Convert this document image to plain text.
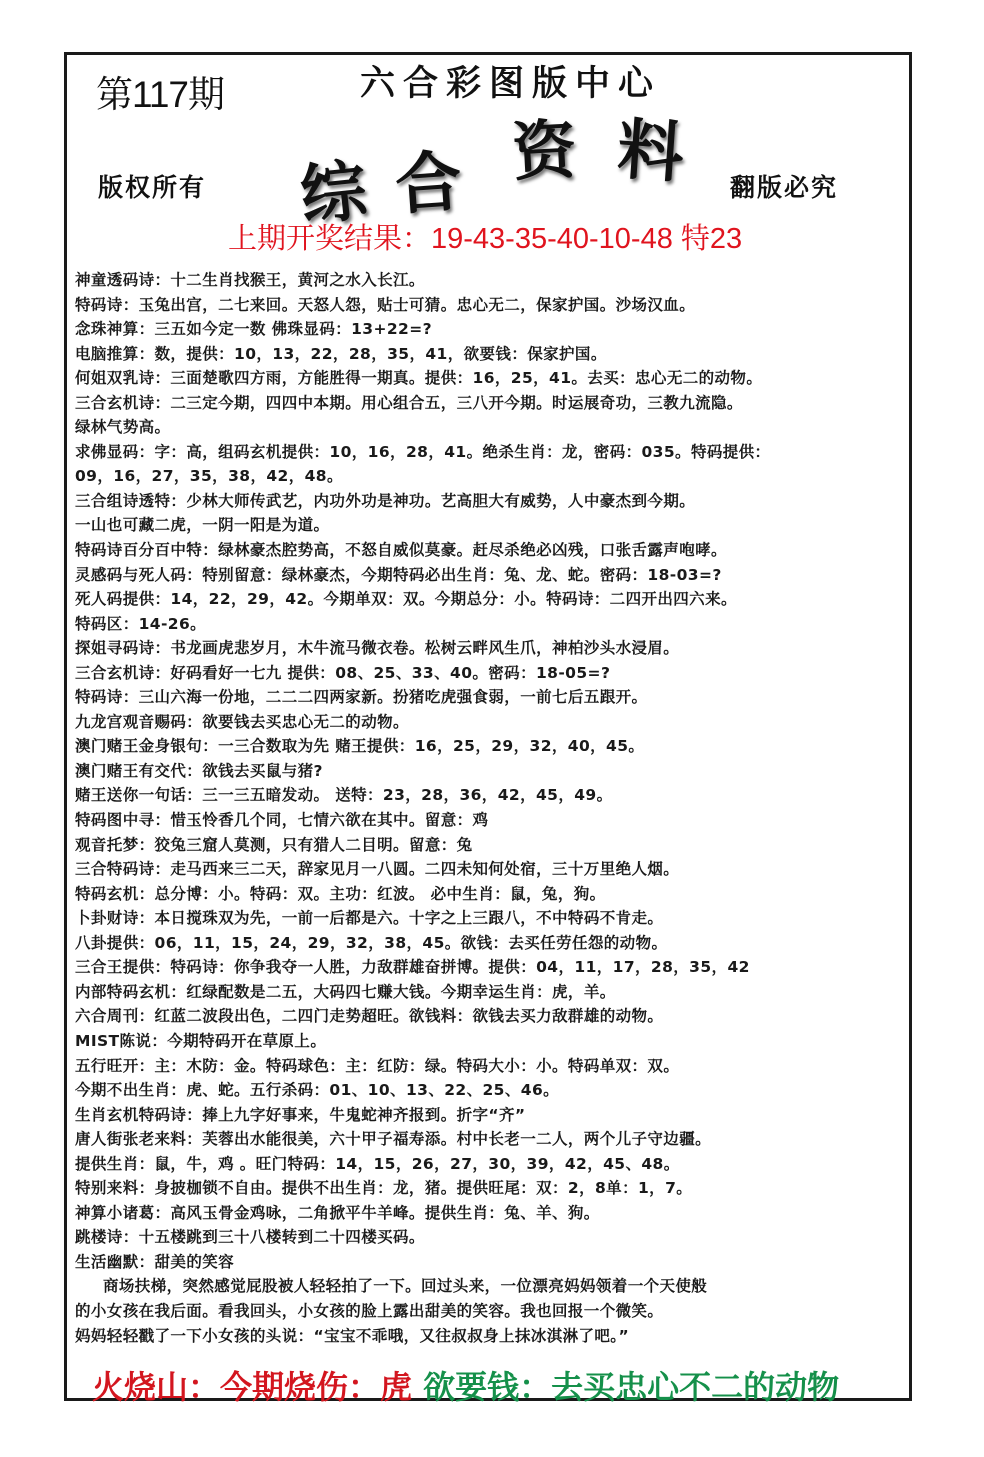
第117期	六合彩图版中心
综 合 资 料
版权所有	翻版必究
上期开奖结果：19-43-35-40-10-48 特23
神童透码诗：十二生肖找猴王，黄河之水入长江。
特码诗：玉兔出宫，二七来回。天怒人怨，贴士可猜。忠心无二，保家护国。沙场汉血。
念珠神算：三五如今定一数 佛珠显码：13+22=?
电脑推算：数，提供：10，13，22，28，35，41，欲要钱：保家护国。
何姐双乳诗：三面楚歌四方雨，方能胜得一期真。提供：16，25，41。去买：忠心无二的动物。
三合玄机诗：二三定今期，四四中本期。用心组合五，三八开今期。时运展奇功，三教九流隐。
绿林气势高。
求佛显码：字：高，组码玄机提供：10，16，28，41。绝杀生肖：龙，密码：035。特码提供：
09，16，27，35，38，42，48。
三合组诗透特：少林大师传武艺，内功外功是神功。艺高胆大有威势，人中豪杰到今期。
一山也可藏二虎，一阴一阳是为道。
特码诗百分百中特：绿林豪杰腔势高，不怒自威似莫豪。赶尽杀绝必凶残，口张舌露声咆哮。
灵感码与死人码：特别留意：绿林豪杰，今期特码必出生肖：兔、龙、蛇。密码：18-03=?
死人码提供：14，22，29，42。今期单双：双。今期总分：小。特码诗：二四开出四六来。
特码区：14-26。
探姐寻码诗：书龙画虎悲岁月，木牛流马微衣卷。松树云畔风生爪，神柏沙头水浸眉。
三合玄机诗：好码看好一七九 提供：08、25、33、40。密码：18-05=?
特码诗：三山六海一份地，二二二四两家新。扮猪吃虎强食弱，一前七后五跟开。
九龙宫观音赐码：欲要钱去买忠心无二的动物。
澳门赌王金身银句：一三合数取为先 赌王提供：16，25，29，32，40，45。
澳门赌王有交代：欲钱去买鼠与猪?
赌王送你一句话：三一三五暗发动。 送特：23，28，36，42，45，49。
特码图中寻：惜玉怜香几个同，七情六欲在其中。留意：鸡
观音托梦：狡兔三窟人莫测，只有猎人二目明。留意：兔
三合特码诗：走马西来三二天，辞家见月一八圆。二四未知何处宿，三十万里绝人烟。
特码玄机：总分博：小。特码：双。主功：红波。 必中生肖：鼠，兔，狗。
卜卦财诗：本日搅珠双为先，一前一后都是六。十字之上三跟八，不中特码不肯走。
八卦提供：06，11，15，24，29，32，38，45。欲钱：去买任劳任怨的动物。
三合王提供：特码诗：你争我夺一人胜，力敌群雄奋拼博。提供：04，11，17，28，35，42
内部特码玄机：红绿配数是二五，大码四七赚大钱。今期幸运生肖：虎，羊。
六合周刊：红蓝二波段出色，二四门走势超旺。欲钱料：欲钱去买力敌群雄的动物。
MIST陈说：今期特码开在草原上。
五行旺开：主：木防：金。特码球色：主：红防：绿。特码大小：小。特码单双：双。
今期不出生肖：虎、蛇。五行杀码：01、10、13、22、25、46。
生肖玄机特码诗：捧上九字好事来，牛鬼蛇神齐报到。折字“齐”
唐人街张老来料：芙蓉出水能很美，六十甲子福寿添。村中长老一二人，两个儿子守边疆。
提供生肖：鼠，牛，鸡 。旺门特码：14，15，26，27，30，39，42，45、48。
特别来料：身披枷锁不自由。提供不出生肖：龙，猪。提供旺尾：双：2，8单：1，7。
神算小诸葛：高风玉骨金鸡咏，二角掀平牛羊峰。提供生肖：兔、羊、狗。
跳楼诗：十五楼跳到三十八楼转到二十四楼买码。
生活幽默：甜美的笑容
商场扶梯，突然感觉屁股被人轻轻拍了一下。回过头来，一位漂亮妈妈领着一个天使般
的小女孩在我后面。看我回头，小女孩的脸上露出甜美的笑容。我也回报一个微笑。
妈妈轻轻戳了一下小女孩的头说：“宝宝不乖哦，又往叔叔身上抹冰淇淋了吧。”
火烧山：今期烧伤：虎 欲要钱：去买忠心不二的动物
